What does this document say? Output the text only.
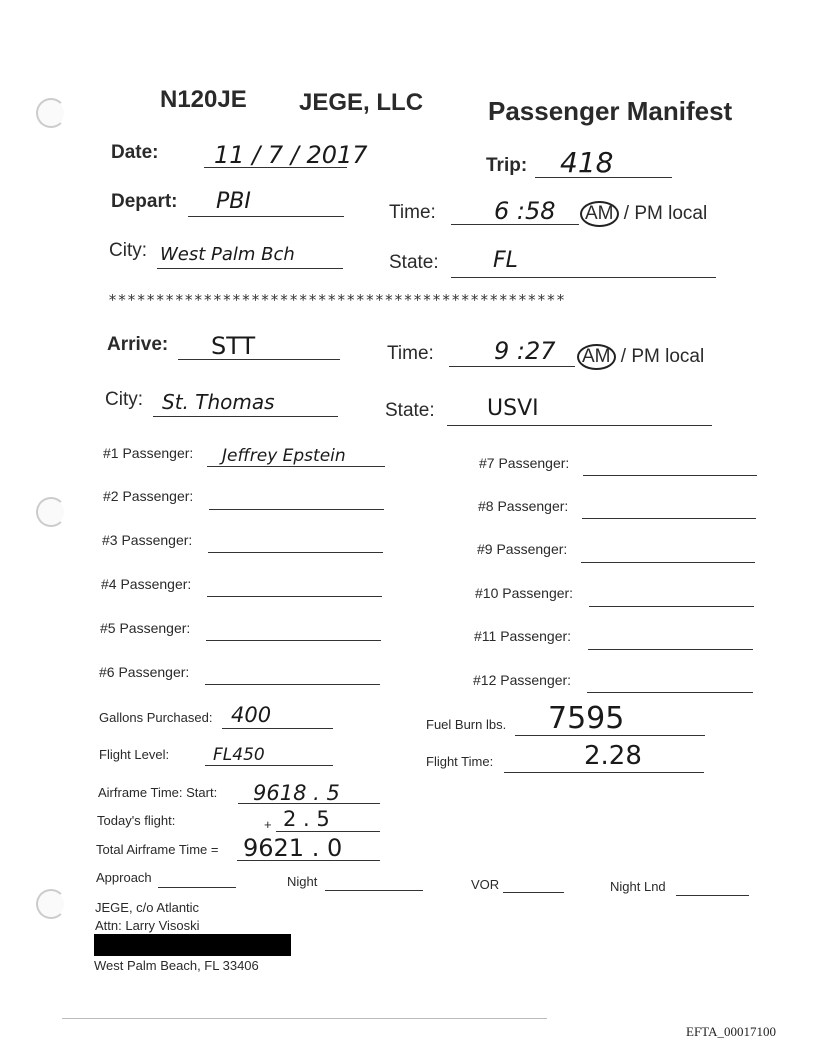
N120JE JEGE, LLC Passenger Manifest
Date: 11 / 7 / 2017	Trip: 418
Depart: PBI	Time: 6 :58 AM / PM local
City: West Palm Bch	State: FL
************************************************
Arrive: STT	Time:	9 :27 AM / PM local
City: St. Thomas	State: USVI
#1 Passenger: Jeffrey Epstein
#2 Passenger:
#3 Passenger:
#4 Passenger:
#5 Passenger:
#6 Passenger:
#7 Passenger:
#8 Passenger:
#9 Passenger:
#10 Passenger:
#11 Passenger:
#12 Passenger:
Gallons Purchased: 400	Fuel Burn lbs. 7595
Flight Level:	FL450	Flight Time:	2.28
Airframe Time: Start: 9618 . 5
Today's flight:	+ 2 . 5
Total Airframe Time = 9621 . 0
Approach	Night	VOR	Night Lnd
JEGE, c/o Atlantic
Attn: Larry Visoski
West Palm Beach, FL 33406
EFTA_00017100
